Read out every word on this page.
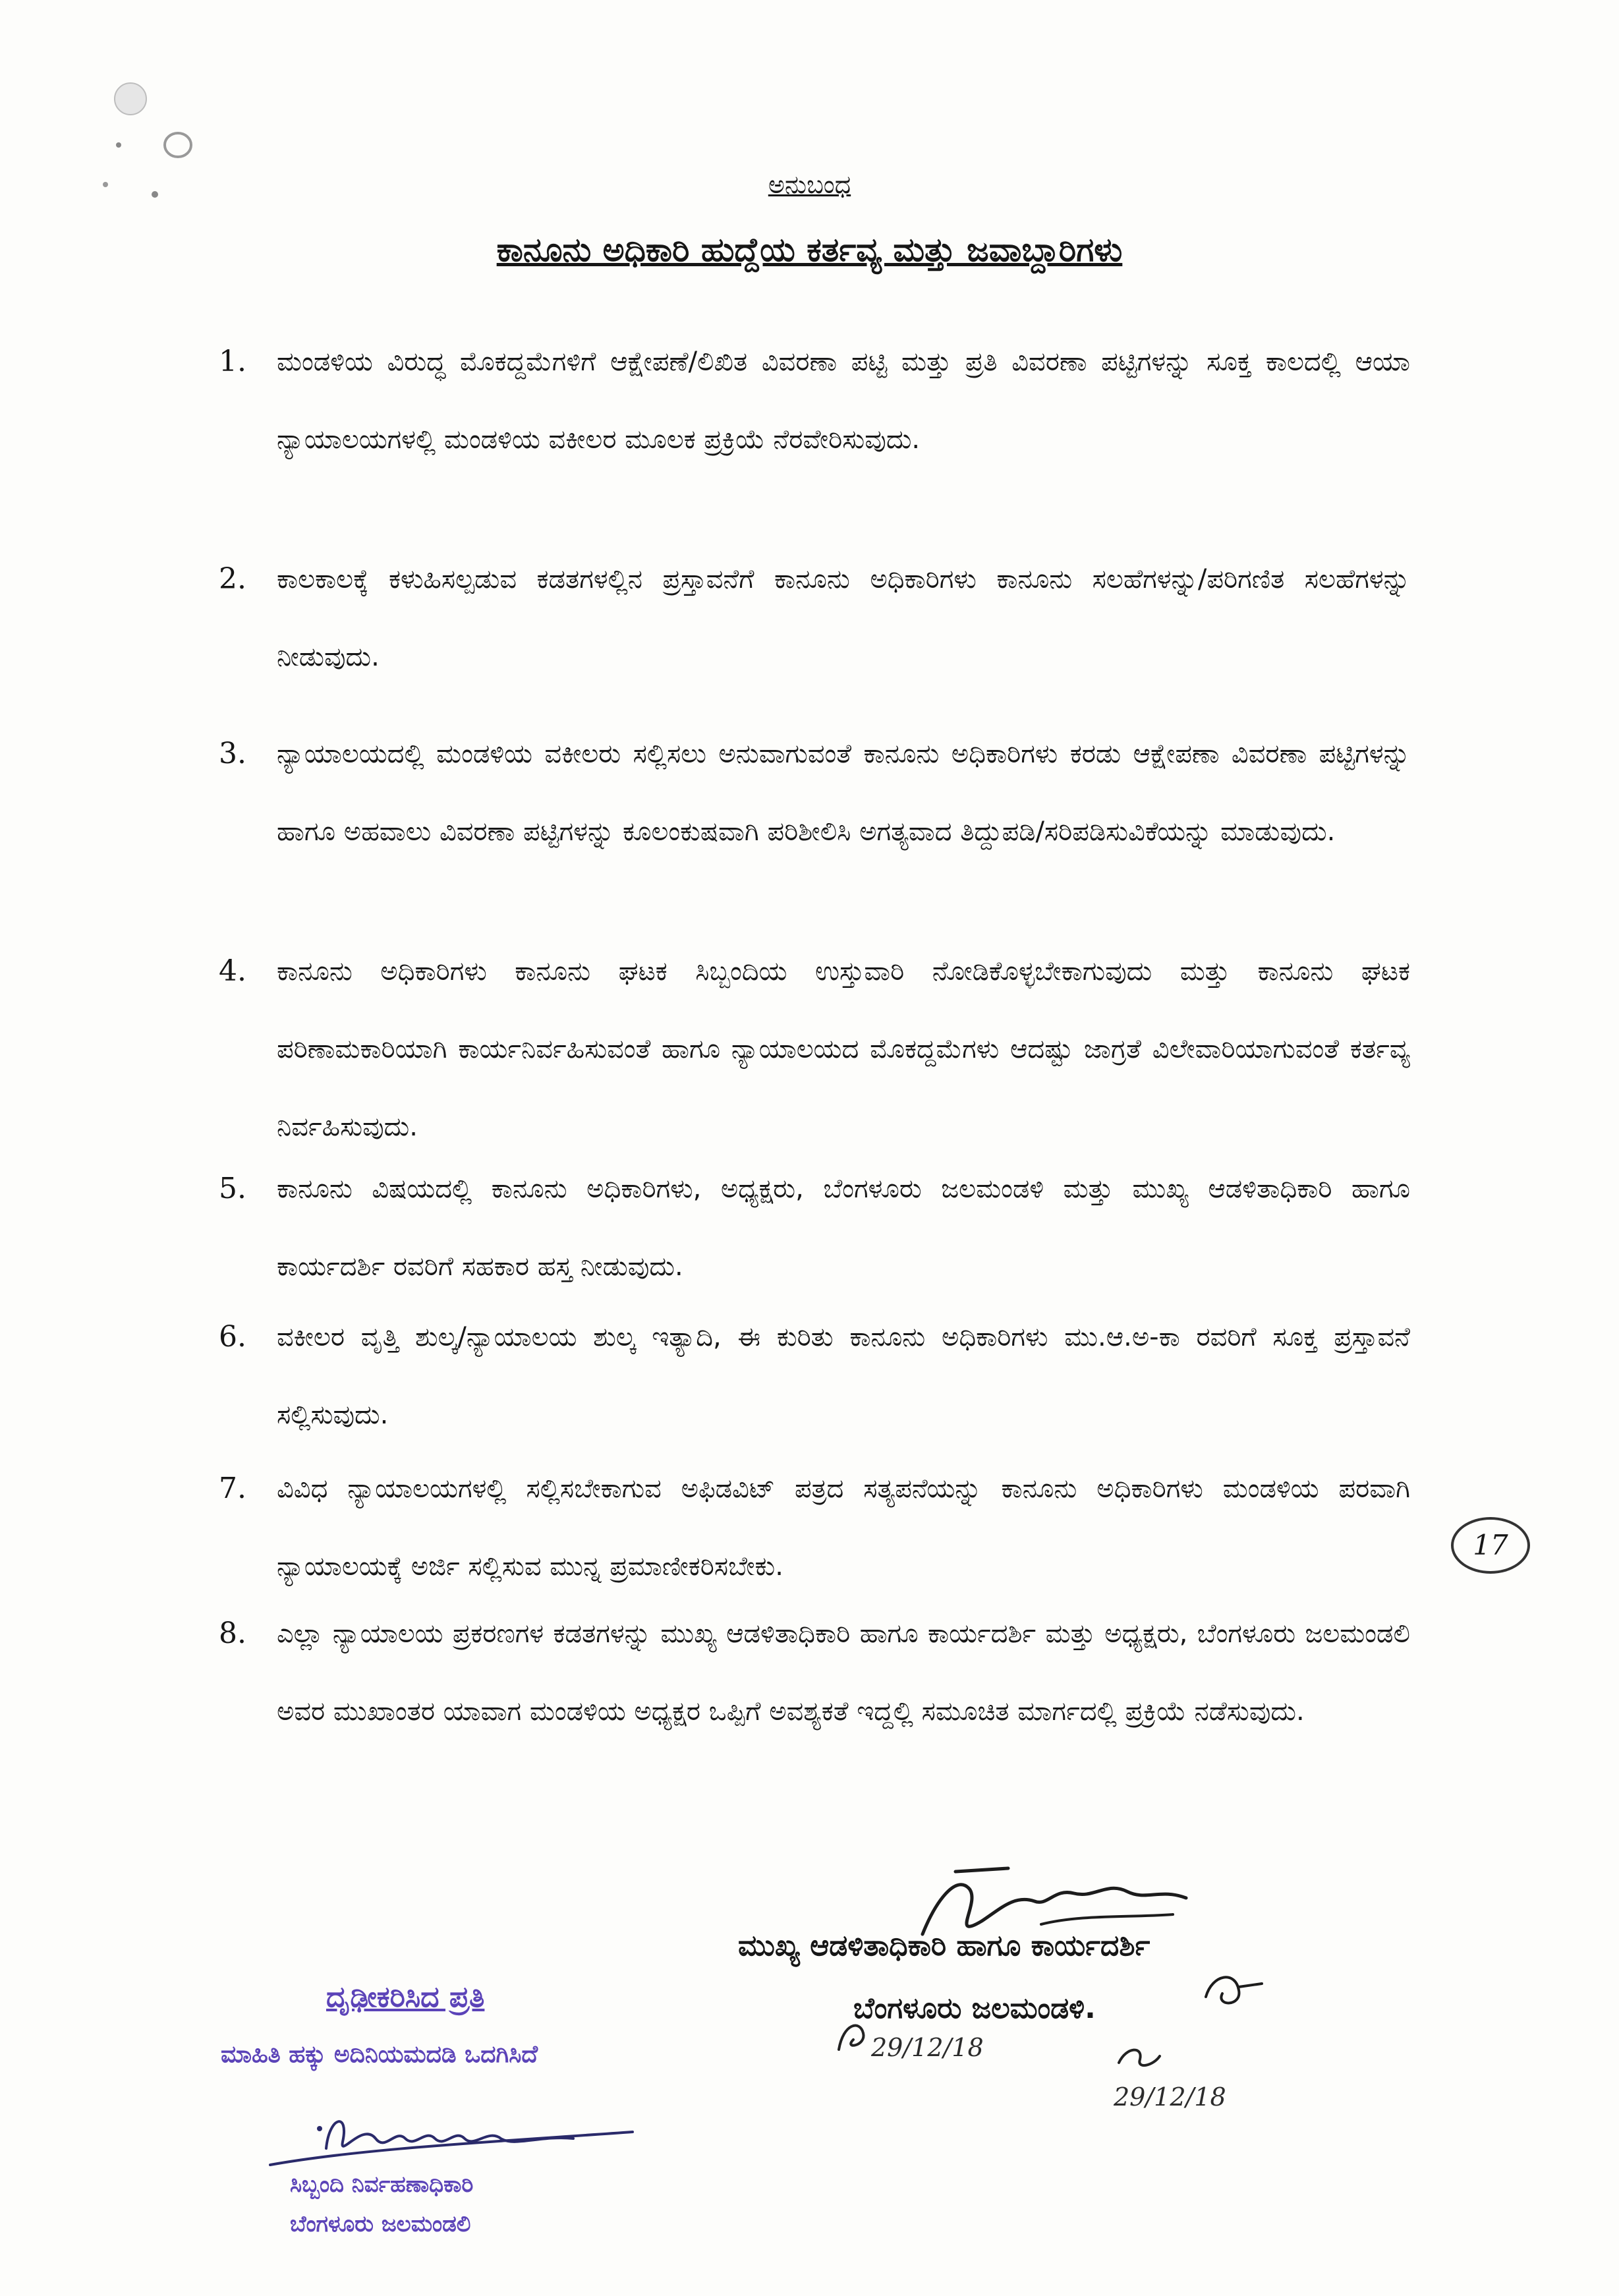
ಅನುಬಂಧ
ಕಾನೂನು ಅಧಿಕಾರಿ ಹುದ್ದೆಯ ಕರ್ತವ್ಯ ಮತ್ತು ಜವಾಬ್ದಾರಿಗಳು
1. ಮಂಡಳಿಯ ವಿರುದ್ಧ ಮೊಕದ್ದಮೆಗಳಿಗೆ ಆಕ್ಷೇಪಣೆ/ಲಿಖಿತ ವಿವರಣಾ ಪಟ್ಟಿ ಮತ್ತು ಪ್ರತಿ ವಿವರಣಾ ಪಟ್ಟಿಗಳನ್ನು ಸೂಕ್ತ ಕಾಲದಲ್ಲಿ ಆಯಾ ನ್ಯಾಯಾಲಯಗಳಲ್ಲಿ ಮಂಡಳಿಯ ವಕೀಲರ ಮೂಲಕ ಪ್ರಕ್ರಿಯೆ ನೆರವೇರಿಸುವುದು.
2. ಕಾಲಕಾಲಕ್ಕೆ ಕಳುಹಿಸಲ್ಪಡುವ ಕಡತಗಳಲ್ಲಿನ ಪ್ರಸ್ತಾವನೆಗೆ ಕಾನೂನು ಅಧಿಕಾರಿಗಳು ಕಾನೂನು ಸಲಹೆಗಳನ್ನು/ಪರಿಗಣಿತ ಸಲಹೆಗಳನ್ನು ನೀಡುವುದು.
3. ನ್ಯಾಯಾಲಯದಲ್ಲಿ ಮಂಡಳಿಯ ವಕೀಲರು ಸಲ್ಲಿಸಲು ಅನುವಾಗುವಂತೆ ಕಾನೂನು ಅಧಿಕಾರಿಗಳು ಕರಡು ಆಕ್ಷೇಪಣಾ ವಿವರಣಾ ಪಟ್ಟಿಗಳನ್ನು ಹಾಗೂ ಅಹವಾಲು ವಿವರಣಾ ಪಟ್ಟಿಗಳನ್ನು ಕೂಲಂಕುಷವಾಗಿ ಪರಿಶೀಲಿಸಿ ಅಗತ್ಯವಾದ ತಿದ್ದುಪಡಿ/ಸರಿಪಡಿಸುವಿಕೆಯನ್ನು ಮಾಡುವುದು.
4. ಕಾನೂನು ಅಧಿಕಾರಿಗಳು ಕಾನೂನು ಘಟಕ ಸಿಬ್ಬಂದಿಯ ಉಸ್ತುವಾರಿ ನೋಡಿಕೊಳ್ಳಬೇಕಾಗುವುದು ಮತ್ತು ಕಾನೂನು ಘಟಕ ಪರಿಣಾಮಕಾರಿಯಾಗಿ ಕಾರ್ಯನಿರ್ವಹಿಸುವಂತೆ ಹಾಗೂ ನ್ಯಾಯಾಲಯದ ಮೊಕದ್ದಮೆಗಳು ಆದಷ್ಟು ಜಾಗ್ರತೆ ವಿಲೇವಾರಿಯಾಗುವಂತೆ ಕರ್ತವ್ಯ ನಿರ್ವಹಿಸುವುದು.
5. ಕಾನೂನು ವಿಷಯದಲ್ಲಿ ಕಾನೂನು ಅಧಿಕಾರಿಗಳು, ಅಧ್ಯಕ್ಷರು, ಬೆಂಗಳೂರು ಜಲಮಂಡಳಿ ಮತ್ತು ಮುಖ್ಯ ಆಡಳಿತಾಧಿಕಾರಿ ಹಾಗೂ ಕಾರ್ಯದರ್ಶಿ ರವರಿಗೆ ಸಹಕಾರ ಹಸ್ತ ನೀಡುವುದು.
6. ವಕೀಲರ ವೃತ್ತಿ ಶುಲ್ಕ/ನ್ಯಾಯಾಲಯ ಶುಲ್ಕ ಇತ್ಯಾದಿ, ಈ ಕುರಿತು ಕಾನೂನು ಅಧಿಕಾರಿಗಳು ಮು.ಆ.ಅ-ಕಾ ರವರಿಗೆ ಸೂಕ್ತ ಪ್ರಸ್ತಾವನೆ ಸಲ್ಲಿಸುವುದು.
7. ವಿವಿಧ ನ್ಯಾಯಾಲಯಗಳಲ್ಲಿ ಸಲ್ಲಿಸಬೇಕಾಗುವ ಅಫಿಡವಿಟ್ ಪತ್ರದ ಸತ್ಯಪನೆಯನ್ನು ಕಾನೂನು ಅಧಿಕಾರಿಗಳು ಮಂಡಳಿಯ ಪರವಾಗಿ ನ್ಯಾಯಾಲಯಕ್ಕೆ ಅರ್ಜಿ ಸಲ್ಲಿಸುವ ಮುನ್ನ ಪ್ರಮಾಣೀಕರಿಸಬೇಕು.
8. ಎಲ್ಲಾ ನ್ಯಾಯಾಲಯ ಪ್ರಕರಣಗಳ ಕಡತಗಳನ್ನು ಮುಖ್ಯ ಆಡಳಿತಾಧಿಕಾರಿ ಹಾಗೂ ಕಾರ್ಯದರ್ಶಿ ಮತ್ತು ಅಧ್ಯಕ್ಷರು, ಬೆಂಗಳೂರು ಜಲಮಂಡಲಿ ಅವರ ಮುಖಾಂತರ ಯಾವಾಗ ಮಂಡಳಿಯ ಅಧ್ಯಕ್ಷರ ಒಪ್ಪಿಗೆ ಅವಶ್ಯಕತೆ ಇದ್ದಲ್ಲಿ ಸಮೂಚಿತ ಮಾರ್ಗದಲ್ಲಿ ಪ್ರಕ್ರಿಯೆ ನಡೆಸುವುದು.
17
ಮುಖ್ಯ ಆಡಳಿತಾಧಿಕಾರಿ ಹಾಗೂ ಕಾರ್ಯದರ್ಶಿ
ಬೆಂಗಳೂರು ಜಲಮಂಡಳಿ.
29/12/18
29/12/18
ದೃಢೀಕರಿಸಿದ ಪ್ರತಿ
ಮಾಹಿತಿ ಹಕ್ಕು ಅದಿನಿಯಮದಡಿ ಒದಗಿಸಿದೆ
ಸಿಬ್ಬಂದಿ ನಿರ್ವಹಣಾಧಿಕಾರಿ
ಬೆಂಗಳೂರು ಜಲಮಂಡಲಿ
